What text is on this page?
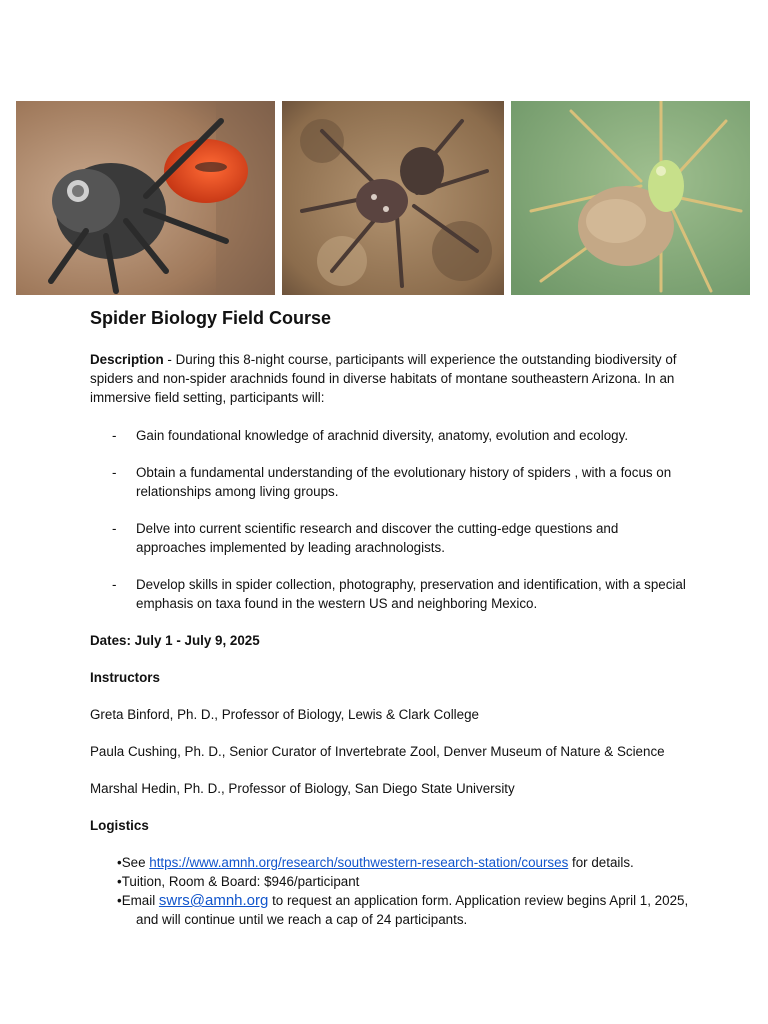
Spider Biology Field Course

Description - During this 8-night course, participants will experience the outstanding biodiversity of spiders and non-spider arachnids found in diverse habitats of montane southeastern Arizona. In an immersive field setting, participants will:

- Gain foundational knowledge of arachnid diversity, anatomy, evolution and ecology.
- Obtain a fundamental understanding of the evolutionary history of spiders , with a focus on relationships among living groups.
- Delve into current scientific research and discover the cutting-edge questions and approaches implemented by leading arachnologists.
- Develop skills in spider collection, photography, preservation and identification, with a special emphasis on taxa found in the western US and neighboring Mexico.

Dates: July 1 - July 9, 2025

Instructors

Greta Binford, Ph. D., Professor of Biology, Lewis & Clark College

Paula Cushing, Ph. D., Senior Curator of Invertebrate Zool, Denver Museum of Nature & Science

Marshal Hedin, Ph. D., Professor of Biology, San Diego State University

Logistics

•See https://www.amnh.org/research/southwestern-research-station/courses for details.
•Tuition, Room & Board: $946/participant
•Email swrs@amnh.org to request an application form. Application review begins April 1, 2025, and will continue until we reach a cap of 24 participants.
